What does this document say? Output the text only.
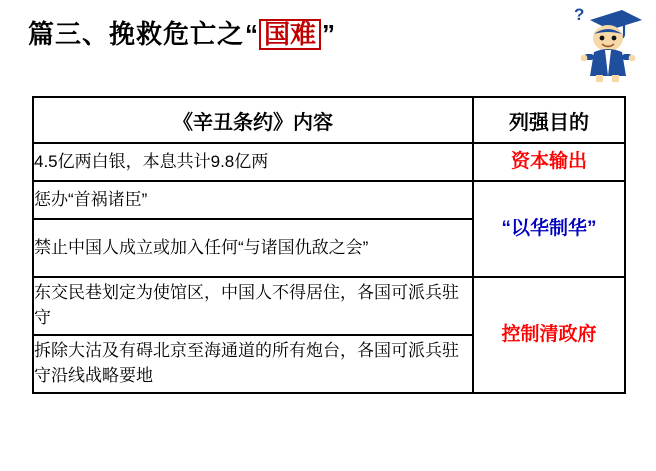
篇三、挽救危亡之 “ 国难 ”
?
《辛丑条约》内容	列强目的
4.5亿两白银，本息共计9.8亿两	资本输出
惩办“首祸诸臣”	“以华制华”
禁止中国人成立或加入任何“与诸国仇敌之会”	
东交民巷划定为使馆区，中国人不得居住，各国可派兵驻守	控制清政府
拆除大沽及有碍北京至海通道的所有炮台，各国可派兵驻守沿线战略要地	
